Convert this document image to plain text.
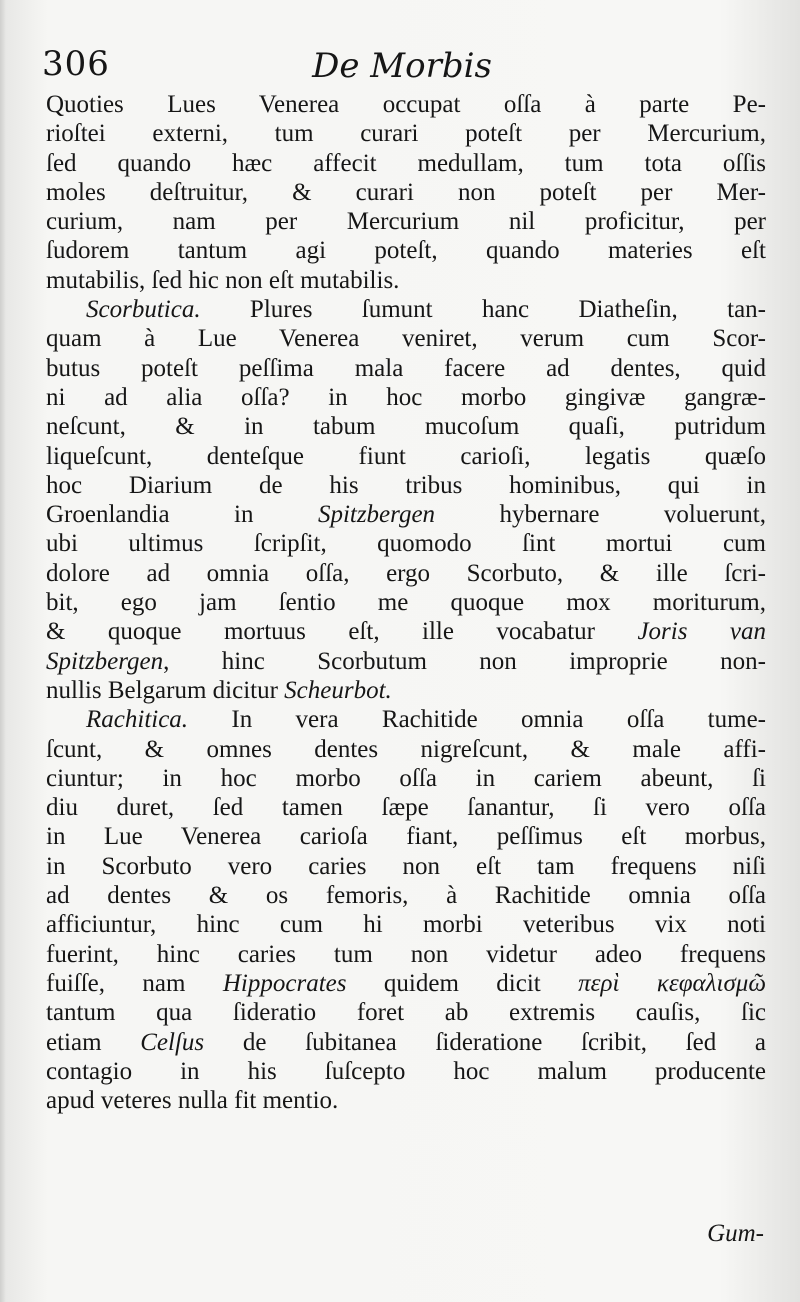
306	De Morbis
Quoties Lues Venerea occupat oſſa à parte Pe-
rioſtei externi, tum curari poteſt per Mercurium,
ſed quando hæc affecit medullam, tum tota oſſis
moles deſtruitur, & curari non poteſt per Mer-
curium, nam per Mercurium nil proficitur, per
ſudorem tantum agi poteſt, quando materies eſt
mutabilis, ſed hic non eſt mutabilis.
Scorbutica. Plures ſumunt hanc Diatheſin, tan-
quam à Lue Venerea veniret, verum cum Scor-
butus poteſt peſſima mala facere ad dentes, quid
ni ad alia oſſa? in hoc morbo gingivæ gangræ-
neſcunt, & in tabum mucoſum quaſi, putridum
liqueſcunt, denteſque fiunt carioſi, legatis quæſo
hoc Diarium de his tribus hominibus, qui in
Groenlandia in Spitzbergen hybernare voluerunt,
ubi ultimus ſcripſit, quomodo ſint mortui cum
dolore ad omnia oſſa, ergo Scorbuto, & ille ſcri-
bit, ego jam ſentio me quoque mox moriturum,
& quoque mortuus eſt, ille vocabatur Joris van
Spitzbergen, hinc Scorbutum non improprie non-
nullis Belgarum dicitur Scheurbot.
Rachitica. In vera Rachitide omnia oſſa tume-
ſcunt, & omnes dentes nigreſcunt, & male affi-
ciuntur; in hoc morbo oſſa in cariem abeunt, ſi
diu duret, ſed tamen ſæpe ſanantur, ſi vero oſſa
in Lue Venerea carioſa fiant, peſſimus eſt morbus,
in Scorbuto vero caries non eſt tam frequens niſi
ad dentes & os femoris, à Rachitide omnia oſſa
afficiuntur, hinc cum hi morbi veteribus vix noti
fuerint, hinc caries tum non videtur adeo frequens
fuiſſe, nam Hippocrates quidem dicit περὶ κεφαλισμῶ
tantum qua ſideratio foret ab extremis cauſis, ſic
etiam Celſus de ſubitanea ſideratione ſcribit, ſed a
contagio in his ſuſcepto hoc malum producente
apud veteres nulla fit mentio.
Gum-
